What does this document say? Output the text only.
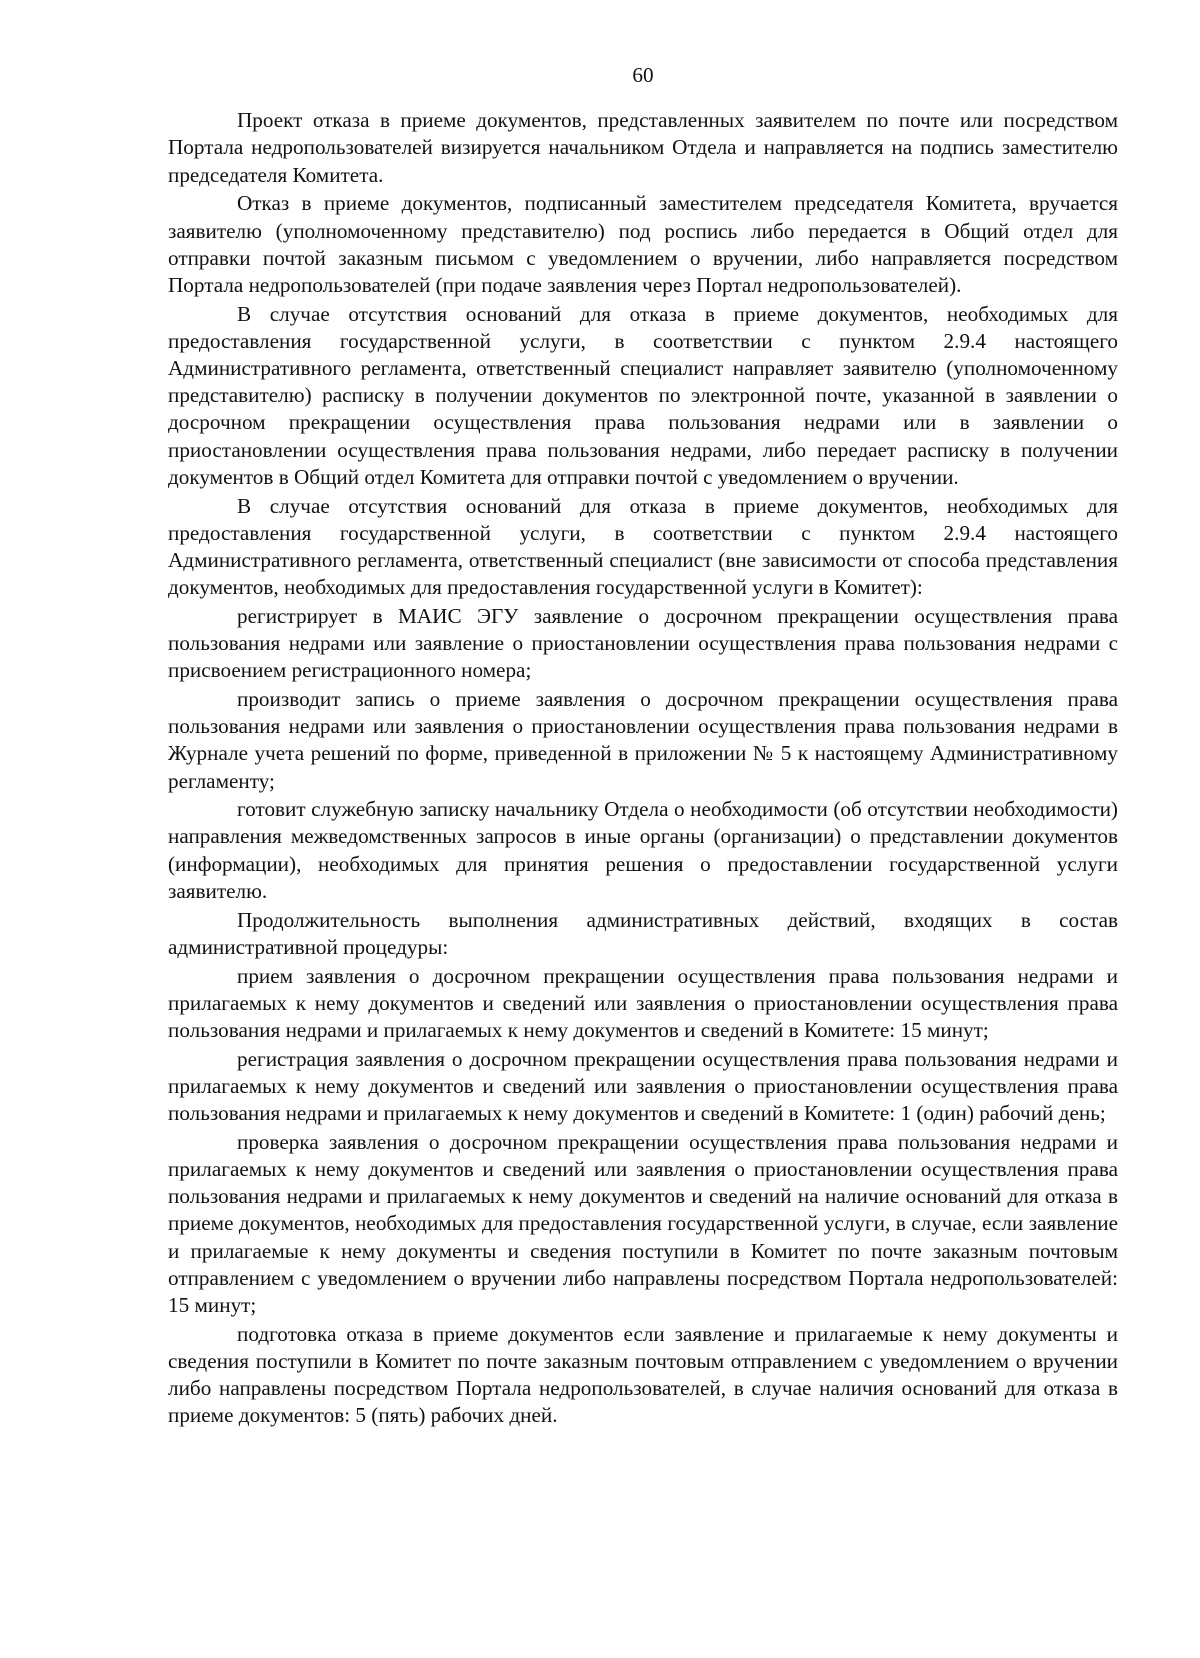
60

Проект отказа в приеме документов, представленных заявителем по почте или посредством Портала недропользователей визируется начальником Отдела и направляется на подпись заместителю председателя Комитета.

Отказ в приеме документов, подписанный заместителем председателя Комитета, вручается заявителю (уполномоченному представителю) под роспись либо передается в Общий отдел для отправки почтой заказным письмом с уведомлением о вручении, либо направляется посредством Портала недропользователей (при подаче заявления через Портал недропользователей).

В случае отсутствия оснований для отказа в приеме документов, необходимых для предоставления государственной услуги, в соответствии с пунктом 2.9.4 настоящего Административного регламента, ответственный специалист направляет заявителю (уполномоченному представителю) расписку в получении документов по электронной почте, указанной в заявлении о досрочном прекращении осуществления права пользования недрами или в заявлении о приостановлении осуществления права пользования недрами, либо передает расписку в получении документов в Общий отдел Комитета для отправки почтой с уведомлением о вручении.

В случае отсутствия оснований для отказа в приеме документов, необходимых для предоставления государственной услуги, в соответствии с пунктом 2.9.4 настоящего Административного регламента, ответственный специалист (вне зависимости от способа представления документов, необходимых для предоставления государственной услуги в Комитет):

регистрирует в МАИС ЭГУ заявление о досрочном прекращении осуществления права пользования недрами или заявление о приостановлении осуществления права пользования недрами с присвоением регистрационного номера;

производит запись о приеме заявления о досрочном прекращении осуществления права пользования недрами или заявления о приостановлении осуществления права пользования недрами в Журнале учета решений по форме, приведенной в приложении № 5 к настоящему Административному регламенту;

готовит служебную записку начальнику Отдела о необходимости (об отсутствии необходимости) направления межведомственных запросов в иные органы (организации) о представлении документов (информации), необходимых для принятия решения о предоставлении государственной услуги заявителю.

Продолжительность выполнения административных действий, входящих в состав административной процедуры:

прием заявления о досрочном прекращении осуществления права пользования недрами и прилагаемых к нему документов и сведений или заявления о приостановлении осуществления права пользования недрами и прилагаемых к нему документов и сведений в Комитете: 15 минут;

регистрация заявления о досрочном прекращении осуществления права пользования недрами и прилагаемых к нему документов и сведений или заявления о приостановлении осуществления права пользования недрами и прилагаемых к нему документов и сведений в Комитете: 1 (один) рабочий день;

проверка заявления о досрочном прекращении осуществления права пользования недрами и прилагаемых к нему документов и сведений или заявления о приостановлении осуществления права пользования недрами и прилагаемых к нему документов и сведений на наличие оснований для отказа в приеме документов, необходимых для предоставления государственной услуги, в случае, если заявление и прилагаемые к нему документы и сведения поступили в Комитет по почте заказным почтовым отправлением с уведомлением о вручении либо направлены посредством Портала недропользователей: 15 минут;

подготовка отказа в приеме документов если заявление и прилагаемые к нему документы и сведения поступили в Комитет по почте заказным почтовым отправлением с уведомлением о вручении либо направлены посредством Портала недропользователей, в случае наличия оснований для отказа в приеме документов: 5 (пять) рабочих дней.
